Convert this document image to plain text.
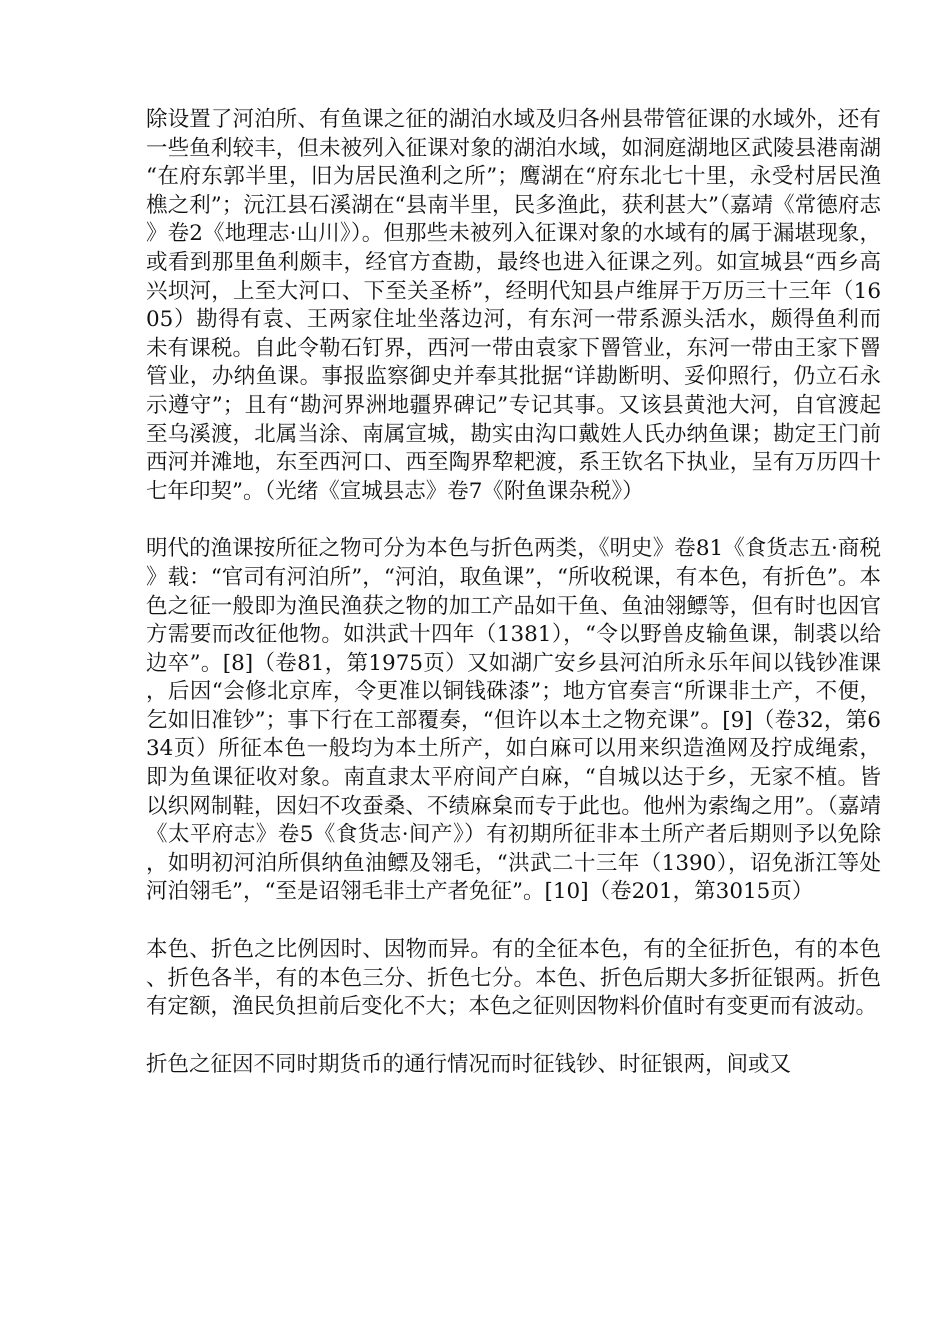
除设置了河泊所、有鱼课之征的湖泊水域及归各州县带管征课的水域外，还有一些鱼利较丰，但未被列入征课对象的湖泊水域，如洞庭湖地区武陵县港南湖“在府东郭半里，旧为居民渔利之所”；鹰湖在“府东北七十里，永受村居民渔樵之利”；沅江县石溪湖在“县南半里，民多渔此，获利甚大”（嘉靖《常德府志》卷2《地理志·山川》）。但那些未被列入征课对象的水域有的属于漏堪现象，或看到那里鱼利颇丰，经官方查勘，最终也进入征课之列。如宣城县“西乡高兴坝河，上至大河口、下至关圣桥”，经明代知县卢维屏于万历三十三年（1605）勘得有袁、王两家住址坐落边河，有东河一带系源头活水，颇得鱼利而未有课税。自此令勒石钉界，西河一带由袁家下罾管业，东河一带由王家下罾管业，办纳鱼课。事报监察御史并奉其批据“详勘断明、妥仰照行，仍立石永示遵守”；且有“勘河界洲地疆界碑记”专记其事。又该县黄池大河，自官渡起至乌溪渡，北属当涂、南属宣城，勘实由沟口戴姓人氏办纳鱼课；勘定王门前西河并滩地，东至西河口、西至陶界犂耙渡，系王钦名下执业，呈有万历四十七年印契”。（光绪《宣城县志》卷7《附鱼课杂税》）

明代的渔课按所征之物可分为本色与折色两类，《明史》卷81《食货志五·商税》载：“官司有河泊所”，“河泊，取鱼课”，“所收税课，有本色，有折色”。本色之征一般即为渔民渔获之物的加工产品如干鱼、鱼油翎鳔等，但有时也因官方需要而改征他物。如洪武十四年（1381），“令以野兽皮输鱼课，制裘以给边卒”。[8]（卷81，第1975页）又如湖广安乡县河泊所永乐年间以钱钞准课，后因“会修北京库，令更准以铜钱硃漆”；地方官奏言“所课非土产，不便，乞如旧准钞”；事下行在工部覆奏，“但许以本土之物充课”。[9]（卷32，第634页）所征本色一般均为本土所产，如白麻可以用来织造渔网及拧成绳索，即为鱼课征收对象。南直隶太平府间产白麻，“自城以达于乡，无家不植。皆以织网制鞋，因妇不攻蚕桑、不绩麻枲而专于此也。他州为索绹之用”。（嘉靖《太平府志》卷5《食货志·间产》）有初期所征非本土所产者后期则予以免除，如明初河泊所俱纳鱼油鳔及翎毛，“洪武二十三年（1390），诏免浙江等处河泊翎毛”，“至是诏翎毛非土产者免征”。[10]（卷201，第3015页）

本色、折色之比例因时、因物而异。有的全征本色，有的全征折色，有的本色、折色各半，有的本色三分、折色七分。本色、折色后期大多折征银两。折色有定额，渔民负担前后变化不大；本色之征则因物料价值时有变更而有波动。

折色之征因不同时期货币的通行情况而时征钱钞、时征银两，间或又
